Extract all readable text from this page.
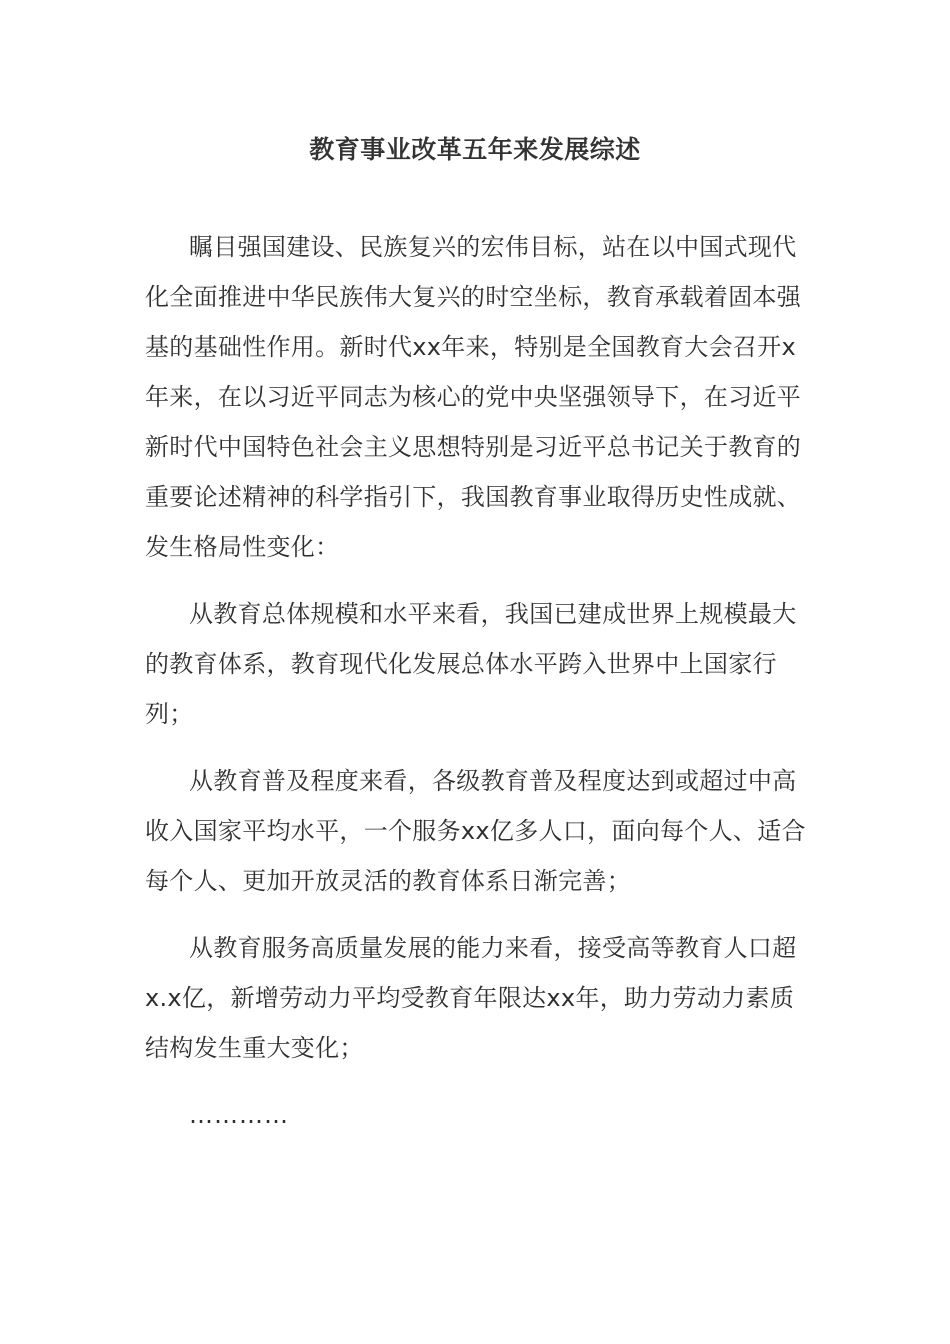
教育事业改革五年来发展综述

瞩目强国建设、民族复兴的宏伟目标，站在以中国式现代化全面推进中华民族伟大复兴的时空坐标，教育承载着固本强基的基础性作用。新时代xx年来，特别是全国教育大会召开x年来，在以习近平同志为核心的党中央坚强领导下，在习近平新时代中国特色社会主义思想特别是习近平总书记关于教育的重要论述精神的科学指引下，我国教育事业取得历史性成就、发生格局性变化：

从教育总体规模和水平来看，我国已建成世界上规模最大的教育体系，教育现代化发展总体水平跨入世界中上国家行列；

从教育普及程度来看，各级教育普及程度达到或超过中高收入国家平均水平，一个服务xx亿多人口，面向每个人、适合每个人、更加开放灵活的教育体系日渐完善；

从教育服务高质量发展的能力来看，接受高等教育人口超x.x亿，新增劳动力平均受教育年限达xx年，助力劳动力素质结构发生重大变化；

…………
